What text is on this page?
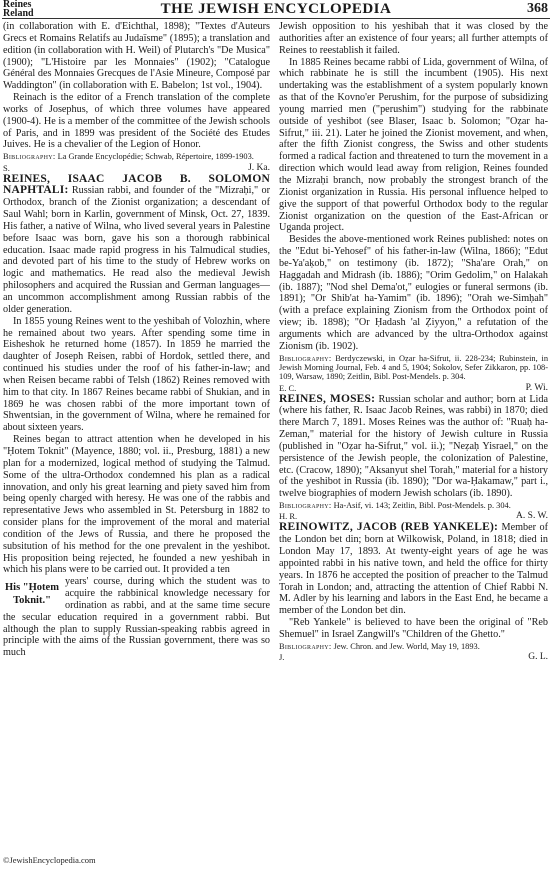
Reines
Reland	THE JEWISH ENCYCLOPEDIA	368

(in collaboration with E. d'Eichthal, 1898); "Textes d'Auteurs Grecs et Romains Relatifs au Judaïsme" (1895); a translation and edition (in collaboration with H. Weil) of Plutarch's "De Musica" (1900); "L'Histoire par les Monnaies" (1902); "Catalogue Général des Monnaies Grecques de l'Asie Mineure, Composé par Waddington" (in collaboration with E. Babelon; 1st vol., 1904).

Reinach is the editor of a French translation of the complete works of Josephus, of which three volumes have appeared (1900-4). He is a member of the committee of the Jewish schools of Paris, and in 1899 was president of the Société des Etudes Juives. He is a chevalier of the Legion of Honor.

Bibliography: La Grande Encyclopédie; Schwab, Répertoire, 1899-1903.

S.	J. Ka.

REINES, ISAAC JACOB B. SOLOMON NAPHTALI: Russian rabbi, and founder of the "Mizraḥi," or Orthodox, branch of the Zionist organization; a descendant of Saul Wahl; born in Karlin, government of Minsk, Oct. 27, 1839. His father, a native of Wilna, who lived several years in Palestine before Isaac was born, gave his son a thorough rabbinical education. Isaac made rapid progress in his Talmudical studies, and devoted part of his time to the study of Hebrew works on logic and mathematics. He read also the medieval Jewish philosophers and acquired the Russian and German languages—an uncommon accomplishment among Russian rabbis of the older generation.

In 1855 young Reines went to the yeshibah of Volozhin, where he remained about two years. After spending some time in Eisheshok he returned home (1857). In 1859 he married the daughter of Joseph Reisen, rabbi of Hordok, settled there, and continued his studies under the roof of his father-in-law; and when Reisen became rabbi of Telsh (1862) Reines removed with him to that city. In 1867 Reines became rabbi of Shukian, and in 1869 he was chosen rabbi of the more important town of Shwentsian, in the government of Wilna, where he remained for about sixteen years.

Reines began to attract attention when he developed in his "Ḥotem Toknit" (Mayence, 1880; vol. ii., Presburg, 1881) a new plan for a modernized, logical method of studying the Talmud. Some of the ultra-Orthodox condemned his plan as a radical innovation, and only his great learning and piety saved him from being openly charged with heresy. He was one of the rabbis and representative Jews who assembled in St. Petersburg in 1882 to consider plans for the improvement of the moral and material condition of the Jews of Russia, and there he proposed the subsitution of his method for the one prevalent in the yeshibot. His proposition being rejected, he founded a new yeshibah in which his plans were to be carried out. It provided a ten

His "Ḥotem Toknit."

years' course, during which the student was to acquire the rabbinical knowledge necessary for ordination as rabbi, and at the same time secure the secular education required in a government rabbi. But although the plan to supply Russian-speaking rabbis agreed in principle with the aims of the Russian government, there was so much

Jewish opposition to his yeshibah that it was closed by the authorities after an existence of four years; all further attempts of Reines to reestablish it failed.

In 1885 Reines became rabbi of Lida, government of Wilna, of which rabbinate he is still the incumbent (1905). His next undertaking was the establishment of a system popularly known as that of the Kovno'er Perushim, for the purpose of subsidizing young married men ("perushim") studying for the rabbinate outside of yeshibot (see Blaser, Isaac b. Solomon; "Oẓar ha-Sifrut," iii. 21). Later he joined the Zionist movement, and when, after the fifth Zionist congress, the Swiss and other students formed a radical faction and threatened to turn the movement in a direction which would lead away from religion, Reines founded the Mizraḥi branch, now probably the strongest branch of the Zionist organization in Russia. His personal influence helped to give the support of that powerful Orthodox body to the regular Zionist organization on the question of the East-African or Uganda project.

Besides the above-mentioned work Reines published: notes on the "Edut bi-Yehosef" of his father-in-law (Wilna, 1866); "Edut be-Ya'aḳob," on testimony (ib. 1872); "Sha'are Orah," on Haggadah and Midrash (ib. 1886); "Orim Gedolim," on Halakah (ib. 1887); "Nod shel Dema'ot," eulogies or funeral sermons (ib. 1891); "Or Shib'at ha-Yamim" (ib. 1896); "Orah we-Simḥah" (with a preface explaining Zionism from the Orthodox point of view; ib. 1898); "Or Ḥadash 'al Ẓiyyon," a refutation of the arguments which are advanced by the ultra-Orthodox against Zionism (ib. 1902).

Bibliography: Berdyczewski, in Oẓar ha-Sifrut, ii. 228-234; Rubinstein, in Jewish Morning Journal, Feb. 4 and 5, 1904; Sokolov, Sefer Zikkaron, pp. 108-109, Warsaw, 1890; Zeitlin, Bibl. Post-Mendels. p. 304.

E. C.	P. Wi.

REINES, MOSES: Russian scholar and author; born at Lida (where his father, R. Isaac Jacob Reines, was rabbi) in 1870; died there March 7, 1891. Moses Reines was the author of: "Ruaḥ ha-Zeman," material for the history of Jewish culture in Russia (published in "Oẓar ha-Sifrut," vol. ii.); "Neẓaḥ Yisrael," on the persistence of the Jewish people, the colonization of Palestine, etc. (Cracow, 1890); "Aksanyut shel Torah," material for a history of the yeshibot in Russia (ib. 1890); "Dor wa-Ḥakamaw," part i., twelve biographies of modern Jewish scholars (ib. 1890).

Bibliography: Ha-Asif, vi. 143; Zeitlin, Bibl. Post-Mendels. p. 304.

H. R.	A. S. W.

REINOWITZ, JACOB (REB YANKELE): Member of the London bet din; born at Wilkowisk, Poland, in 1818; died in London May 17, 1893. At twenty-eight years of age he was appointed rabbi in his native town, and held the office for thirty years. In 1876 he accepted the position of preacher to the Talmud Torah in London; and, attracting the attention of Chief Rabbi N. M. Adler by his learning and labors in the East End, he became a member of the London bet din.

"Reb Yankele" is believed to have been the original of "Reb Shemuel" in Israel Zangwill's "Children of the Ghetto."

Bibliography: Jew. Chron. and Jew. World, May 19, 1893.

J.	G. L.
©JewishEncyclopedia.com
